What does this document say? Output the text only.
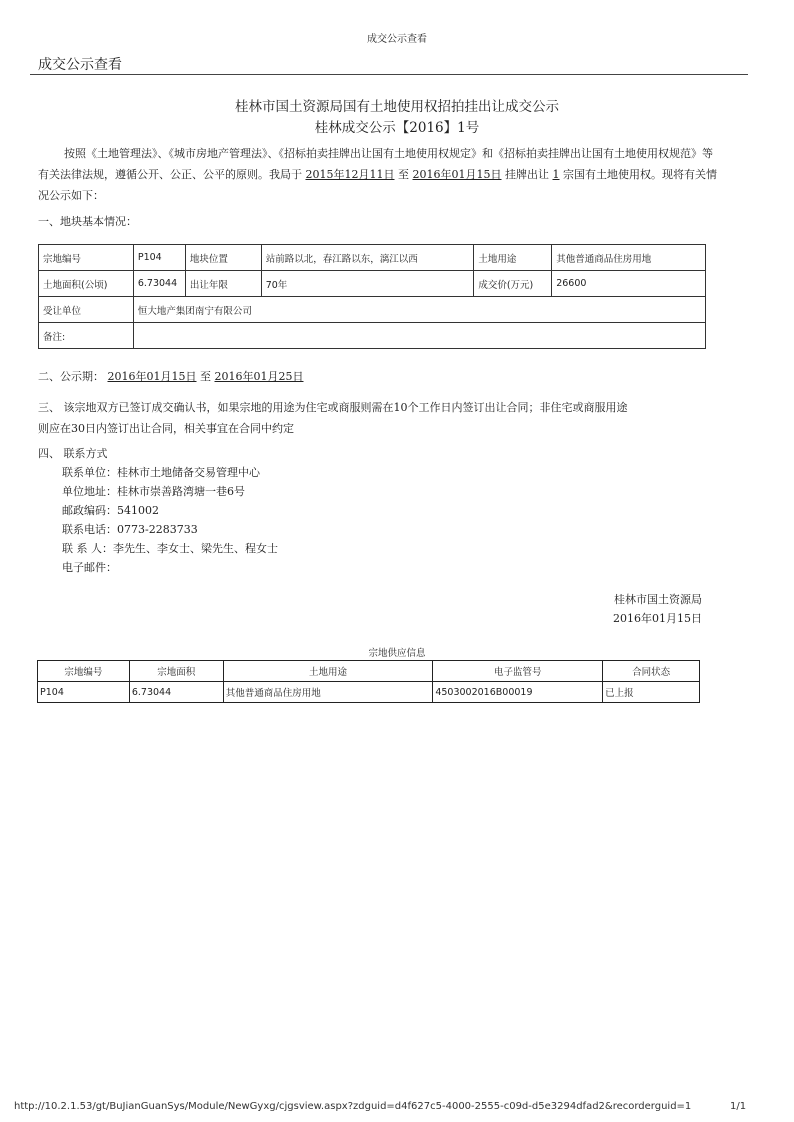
成交公示查看
成交公示查看
桂林市国土资源局国有土地使用权招拍挂出让成交公示
桂林成交公示【2016】1号
按照《土地管理法》、《城市房地产管理法》、《招标拍卖挂牌出让国有土地使用权规定》和《招标拍卖挂牌出让国有土地使用权规范》等有关法律法规，遵循公开、公正、公平的原则。我局于 2015年12月11日 至 2016年01月15日 挂牌出让 1 宗国有土地使用权。现将有关情况公示如下：
一、地块基本情况：
宗地编号	P104	地块位置	站前路以北，春江路以东，漓江以西	土地用途	其他普通商品住房用地
土地面积(公顷)	6.73044	出让年限	70年	成交价(万元)	26600
受让单位	恒大地产集团南宁有限公司				
备注:					
二、公示期： 2016年01月15日 至 2016年01月25日
三、 该宗地双方已签订成交确认书，如果宗地的用途为住宅或商服则需在10个工作日内签订出让合同；非住宅或商服用途
则应在30日内签订出让合同，相关事宜在合同中约定
四、 联系方式
联系单位：桂林市土地储备交易管理中心
单位地址：桂林市崇善路湾塘一巷6号
邮政编码：541002
联系电话：0773-2283733
联 系 人：李先生、李女士、梁先生、程女士
电子邮件：
桂林市国土资源局
2016年01月15日
宗地供应信息
宗地编号	宗地面积	土地用途	电子监管号	合同状态
P104	6.73044	其他普通商品住房用地	4503002016B00019	已上报
http://10.2.1.53/gt/BuJianGuanSys/Module/NewGyxg/cjgsview.aspx?zdguid=d4f627c5-4000-2555-c09d-d5e3294dfad2&recorderguid=1	1/1
